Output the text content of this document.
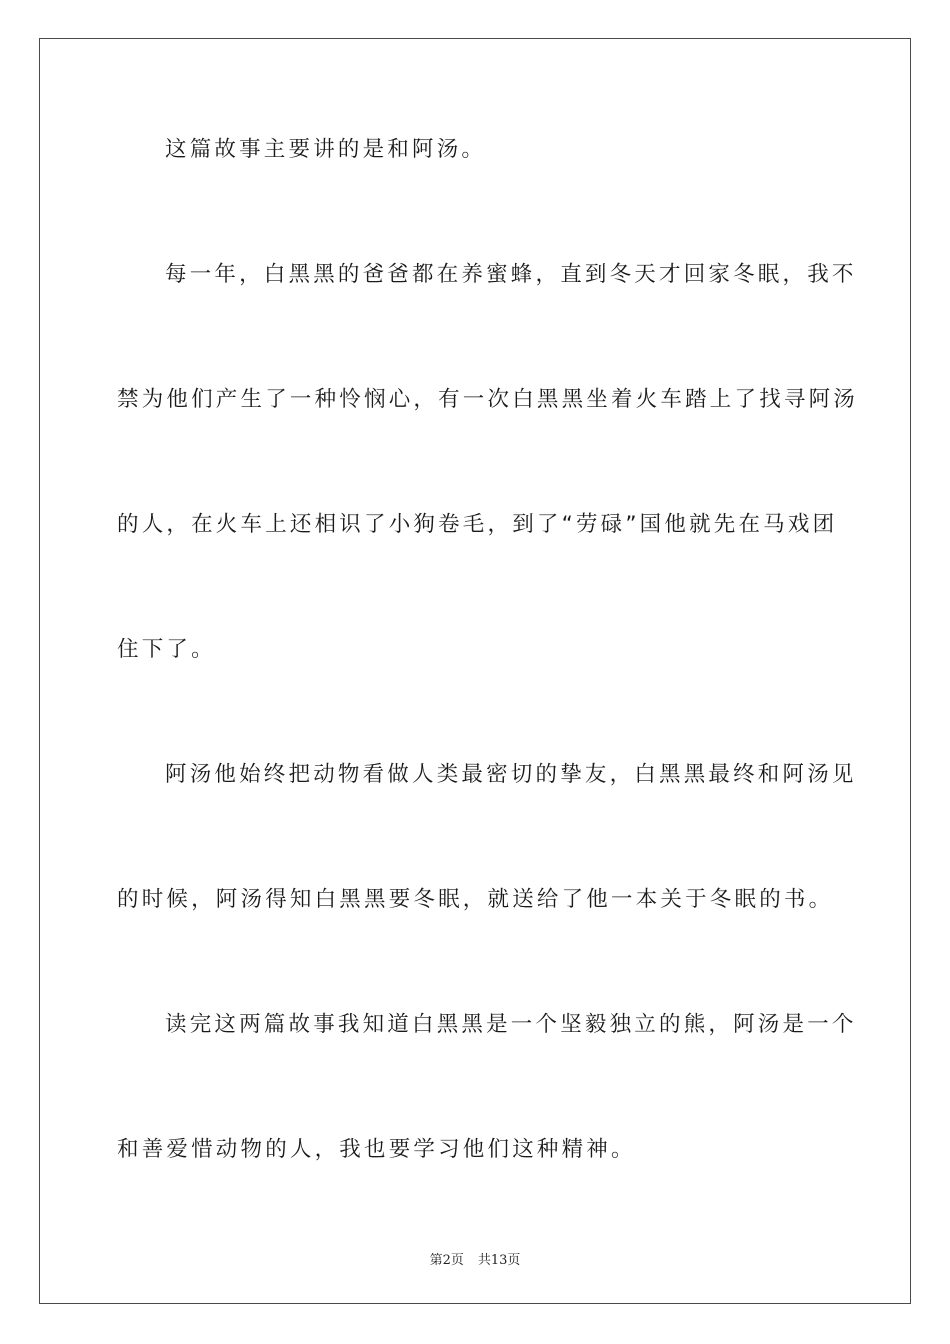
这篇故事主要讲的是和阿汤。
每一年，白黑黑的爸爸都在养蜜蜂，直到冬天才回家冬眠，我不
禁为他们产生了一种怜悯心，有一次白黑黑坐着火车踏上了找寻阿汤
的人，在火车上还相识了小狗卷毛，到了“劳碌”国他就先在马戏团
住下了。
阿汤他始终把动物看做人类最密切的挚友，白黑黑最终和阿汤见
的时候，阿汤得知白黑黑要冬眠，就送给了他一本关于冬眠的书。
读完这两篇故事我知道白黑黑是一个坚毅独立的熊，阿汤是一个
和善爱惜动物的人，我也要学习他们这种精神。
第2页 共13页
